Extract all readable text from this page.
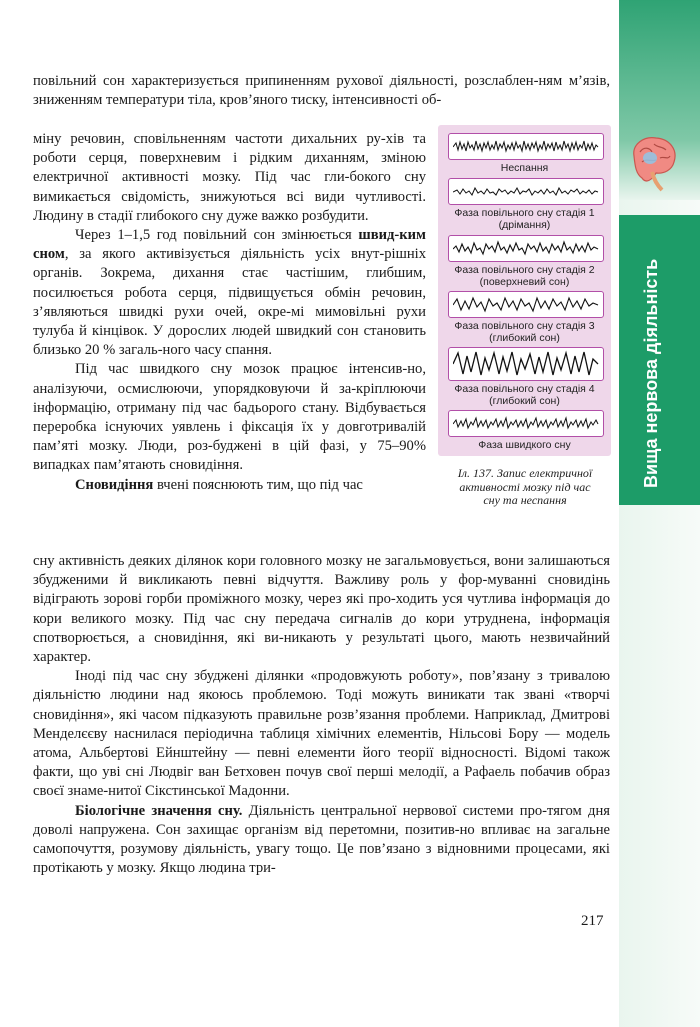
Вища нервова діяльність

повільний сон характеризується припиненням рухової діяльності, розслаблен-ням м’язів, зниженням температури тіла, кров’яного тиску, інтенсивності об-

міну речовин, сповільненням частоти дихальних ру-хів та роботи серця, поверхневим і рідким диханням, зміною електричної активності мозку. Під час гли-бокого сну вимикається свідомість, знижуються всі види чутливості. Людину в стадії глибокого сну дуже важко розбудити.

Через 1–1,5 год повільний сон змінюється швид-ким сном, за якого активізується діяльність усіх внут-рішніх органів. Зокрема, дихання стає частішим, глибшим, посилюється робота серця, підвищується обмін речовин, з’являються швидкі рухи очей, окре-мі мимовільні рухи тулуба й кінцівок. У дорослих людей швидкий сон становить близько 20 % загаль-ного часу спання.

Під час швидкого сну мозок працює інтенсив-но, аналізуючи, осмислюючи, упорядковуючи й за-кріплюючи інформацію, отриману під час бадьорого стану. Відбувається переробка існуючих уявлень і фіксація їх у довготривалій пам’яті мозку. Люди, роз-буджені в цій фазі, у 75–90% випадках пам’ятають сновидіння.

Сновидіння вчені пояснюють тим, що під час

сну активність деяких ділянок кори головного мозку не загальмовується, вони залишаються збудженими й викликають певні відчуття. Важливу роль у фор-муванні сновидінь відіграють зорові горби проміжного мозку, через які про-ходить уся чутлива інформація до кори великого мозку. Під час сну передача сигналів до кори утруднена, інформація спотворюється, а сновидіння, які ви-никають у результаті цього, мають незвичайний характер.

Іноді під час сну збуджені ділянки «продовжують роботу», пов’язану з тривалою діяльністю людини над якоюсь проблемою. Тоді можуть виникати так звані «творчі сновидіння», які часом підказують правильне розв’язання проблеми. Наприклад, Дмитрові Менделєєву наснилася періодична таблиця хімічних елементів, Нільсові Бору — модель атома, Альбертові Ейнштейну — певні елементи його теорії відносності. Відомі також факти, що уві сні Людвіг ван Бетховен почув свої перші мелодії, а Рафаель побачив образ своєї знаме-нитої Сікстинської Мадонни.

Біологічне значення сну. Діяльність центральної нервової системи про-тягом дня доволі напружена. Сон захищає організм від перетомни, позитив-но впливає на загальне самопочуття, розумову діяльність, увагу тощо. Це пов’язано з відновними процесами, які протікають у мозку. Якщо людина три-

Неспання
Фаза повільного сну стадія 1 (дрімання)
Фаза повільного сну стадія 2 (поверхневий сон)
Фаза повільного сну стадія 3 (глибокий сон)
Фаза повільного сну стадія 4 (глибокий сон)
Фаза швидкого сну
Іл. 137. Запис електричної активності мозку під час сну та неспання
217
